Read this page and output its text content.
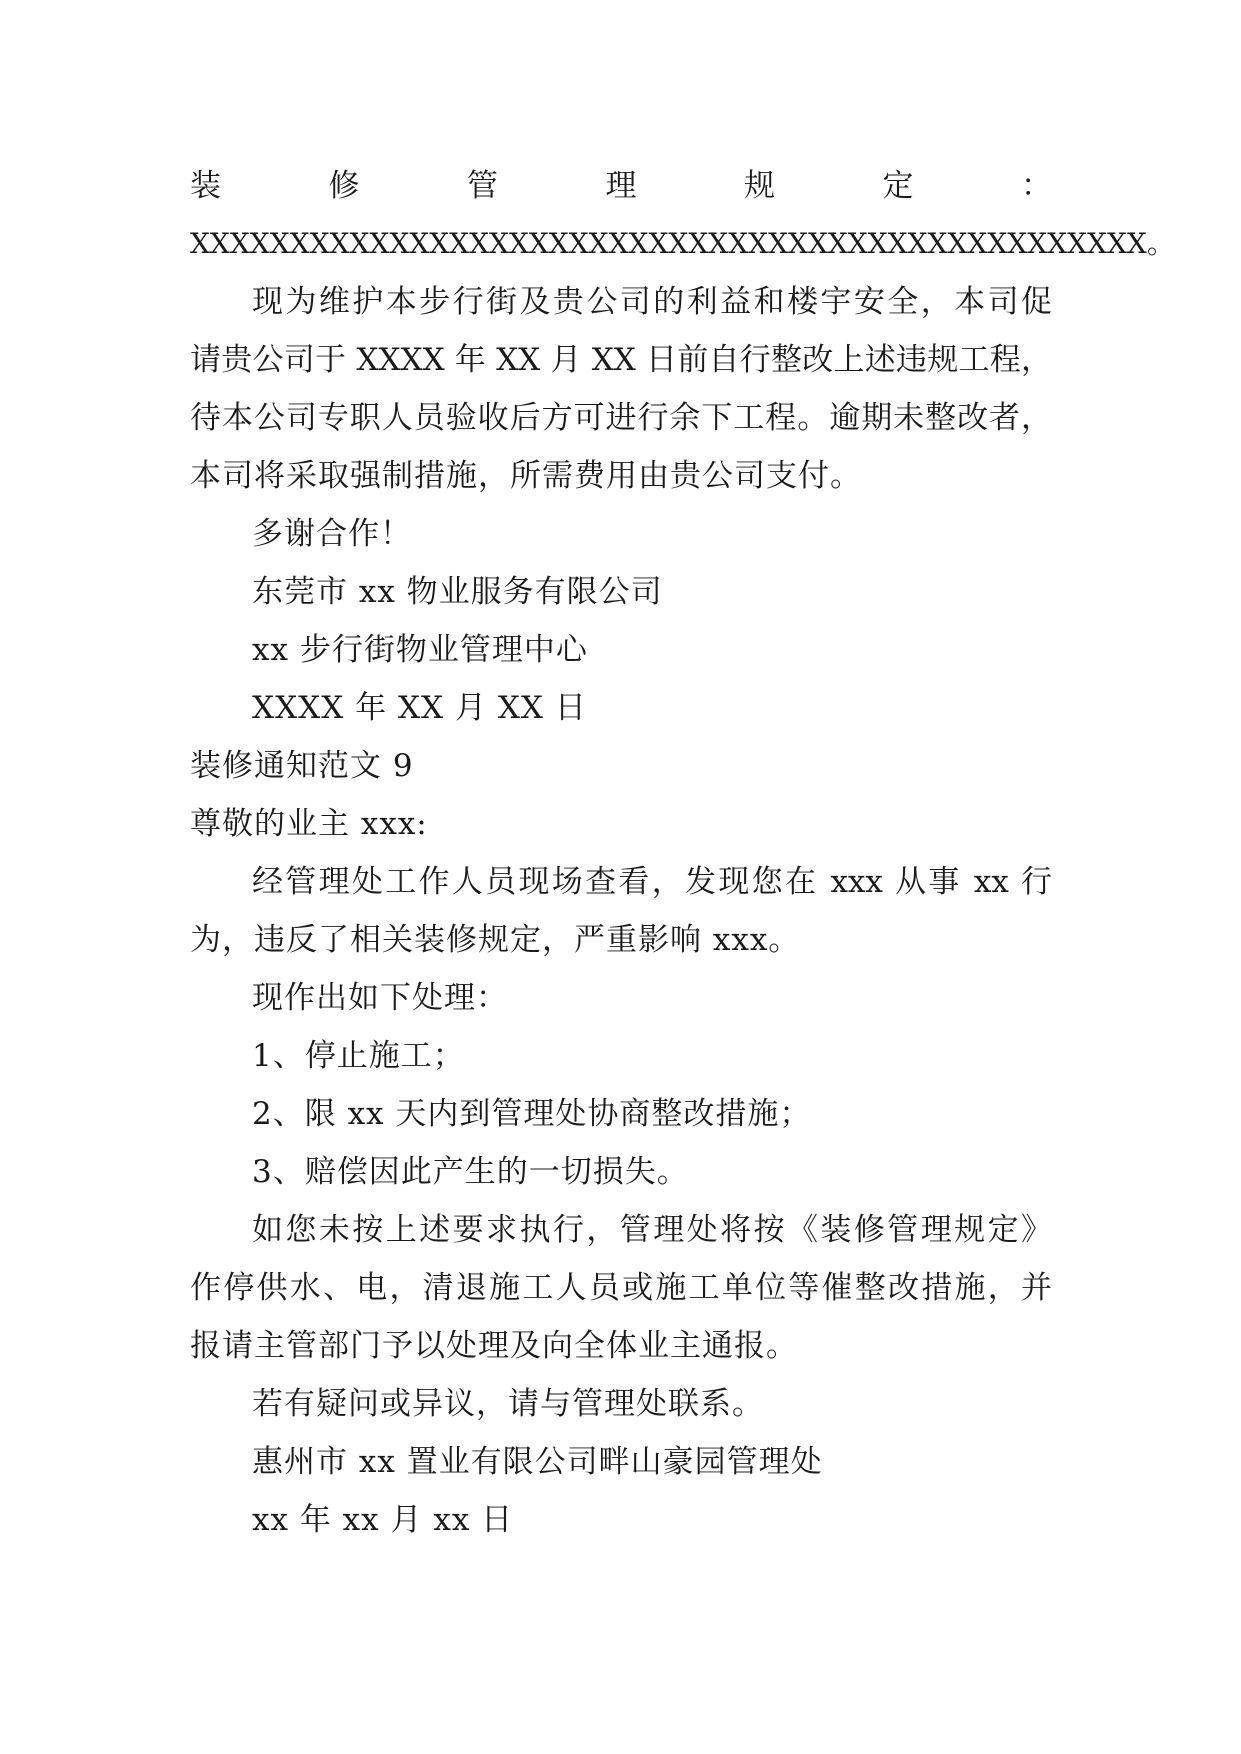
装	修	管	理	规	定	：
XXXXXXXXXXXXXXXXXXXXXXXXXXXXXXXXXXXXXXXXXXXXXXXX。
现为维护本步行街及贵公司的利益和楼宇安全，本司促
请贵公司于 XXXX 年 XX 月 XX 日前自行整改上述违规工程，
待本公司专职人员验收后方可进行余下工程。逾期未整改者，
本司将采取强制措施，所需费用由贵公司支付。
多谢合作！
东莞市 xx 物业服务有限公司
xx 步行街物业管理中心
XXXX 年 XX 月 XX 日
装修通知范文 9
尊敬的业主 xxx:
经管理处工作人员现场查看，发现您在 xxx 从事 xx 行
为，违反了相关装修规定，严重影响 xxx。
现作出如下处理：
1、停止施工；
2、限 xx 天内到管理处协商整改措施；
3、赔偿因此产生的一切损失。
如您未按上述要求执行，管理处将按《装修管理规定》
作停供水、电，清退施工人员或施工单位等催整改措施，并
报请主管部门予以处理及向全体业主通报。
若有疑问或异议，请与管理处联系。
惠州市 xx 置业有限公司畔山豪园管理处
xx 年 xx 月 xx 日
